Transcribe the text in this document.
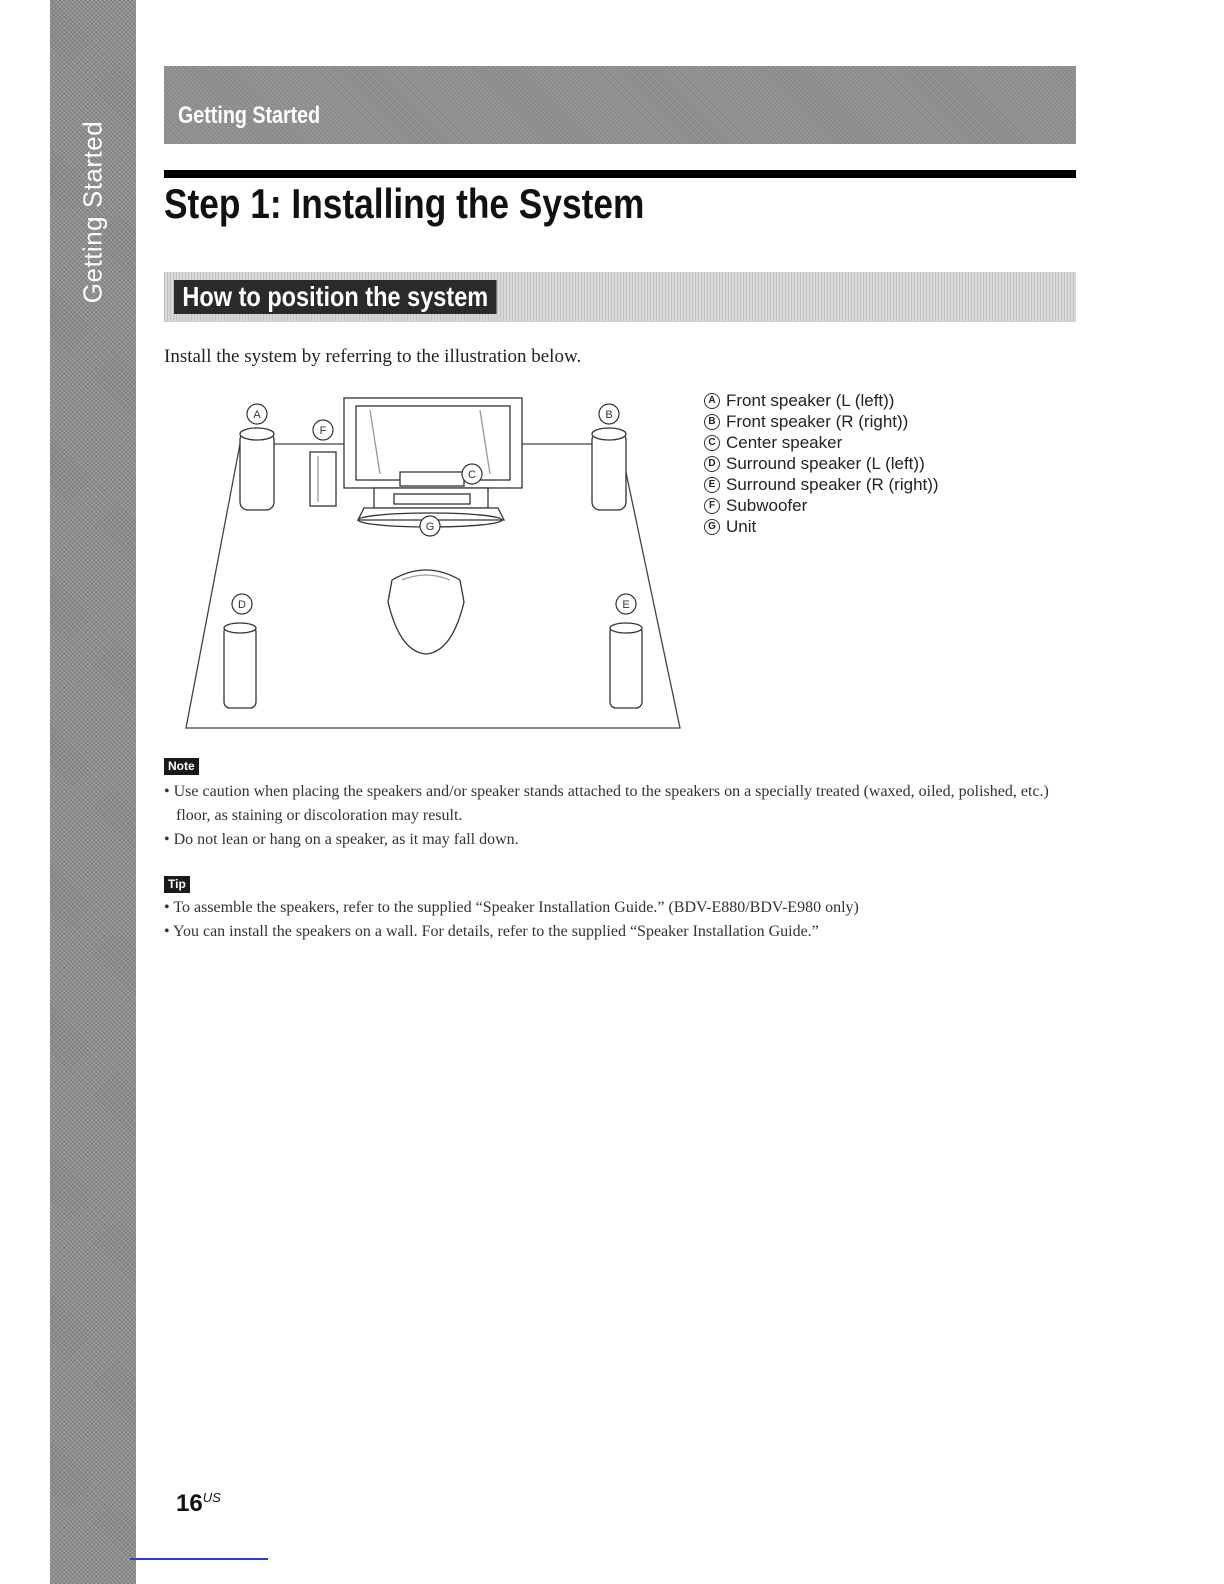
Getting Started
Getting Started
Step 1: Installing the System
How to position the system

Install the system by referring to the illustration below.

A	B
C
D	E
F
G
A Front speaker (L (left))
B Front speaker (R (right))
C Center speaker
D Surround speaker (L (left))
E Surround speaker (R (right))
F Subwoofer
G Unit
Note
• Use caution when placing the speakers and/or speaker stands attached to the speakers on a specially treated (waxed, oiled, polished, etc.) floor, as staining or discoloration may result.
• Do not lean or hang on a speaker, as it may fall down.
Tip
• To assemble the speakers, refer to the supplied “Speaker Installation Guide.” (BDV-E880/BDV-E980 only)
• You can install the speakers on a wall. For details, refer to the supplied “Speaker Installation Guide.”
$16^{US}$
